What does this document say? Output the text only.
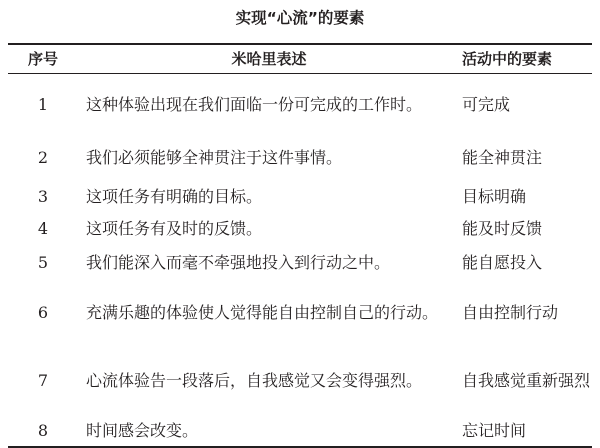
实现“心流”的要素
序号	米哈里表述	活动中的要素
1 这种体验出现在我们面临一份可完成的工作时。 可完成
2 我们必须能够全神贯注于这件事情。	能全神贯注
3 这项任务有明确的目标。	目标明确
4 这项任务有及时的反馈。	能及时反馈
5 我们能深入而毫不牵强地投入到行动之中。	能自愿投入
6 充满乐趣的体验使人觉得能自由控制自己的行动。 自由控制行动
7 心流体验告一段落后，自我感觉又会变得强烈。 自我感觉重新强烈
8 时间感会改变。	忘记时间
